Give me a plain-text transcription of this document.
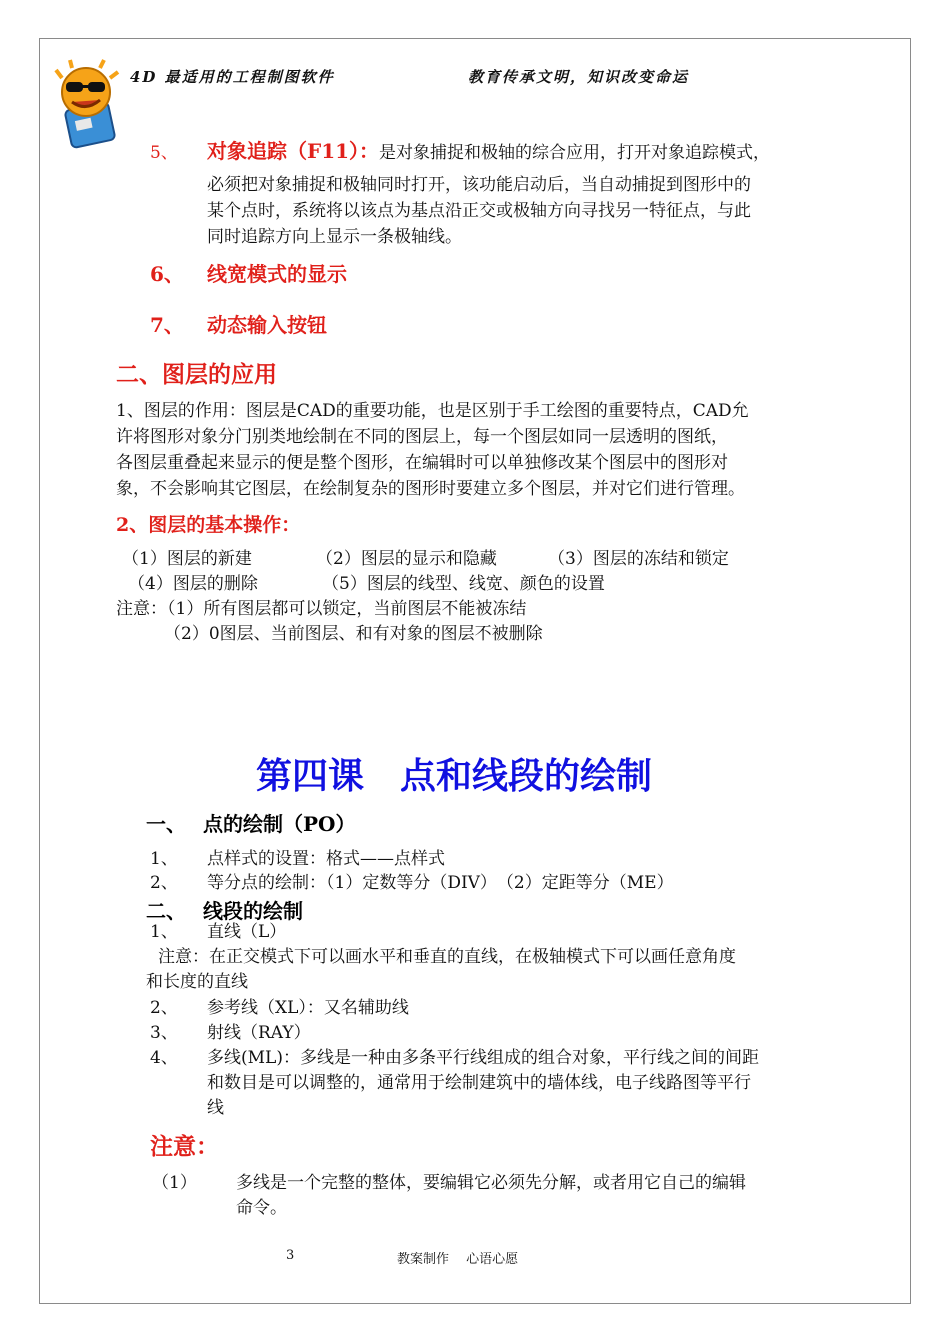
4D 最适用的工程制图软件	教育传承文明，知识改变命运
5、 对象追踪（F11）：是对象捕捉和极轴的综合应用，打开对象追踪模式，
必须把对象捕捉和极轴同时打开，该功能启动后，当自动捕捉到图形中的
某个点时，系统将以该点为基点沿正交或极轴方向寻找另一特征点，与此
同时追踪方向上显示一条极轴线。
6、 线宽模式的显示
7、 动态输入按钮
二、图层的应用
1、图层的作用：图层是CAD的重要功能，也是区别于手工绘图的重要特点，CAD允
许将图形对象分门别类地绘制在不同的图层上，每一个图层如同一层透明的图纸，
各图层重叠起来显示的便是整个图形，在编辑时可以单独修改某个图层中的图形对
象，不会影响其它图层，在绘制复杂的图形时要建立多个图层，并对它们进行管理。
2、图层的基本操作：
（1）图层的新建	（2）图层的显示和隐藏	（3）图层的冻结和锁定
（4）图层的删除	（5）图层的线型、线宽、颜色的设置
注意：（1）所有图层都可以锁定，当前图层不能被冻结
（2）0图层、当前图层、和有对象的图层不被删除
第四课　点和线段的绘制
一、 点的绘制（PO）
1、 点样式的设置：格式——点样式
2、 等分点的绘制：（1）定数等分（DIV）　（2）定距等分（ME）
二、 线段的绘制
1、 直线（L）
注意：在正交模式下可以画水平和垂直的直线，在极轴模式下可以画任意角度
和长度的直线
2、 参考线（XL）：又名辅助线
3、 射线（RAY）
4、 多线(ML)：多线是一种由多条平行线组成的组合对象，平行线之间的间距
和数目是可以调整的，通常用于绘制建筑中的墙体线，电子线路图等平行
线
注意：
（1） 多线是一个完整的整体，要编辑它必须先分解，或者用它自己的编辑
命令。
3	教案制作　 心语心愿
